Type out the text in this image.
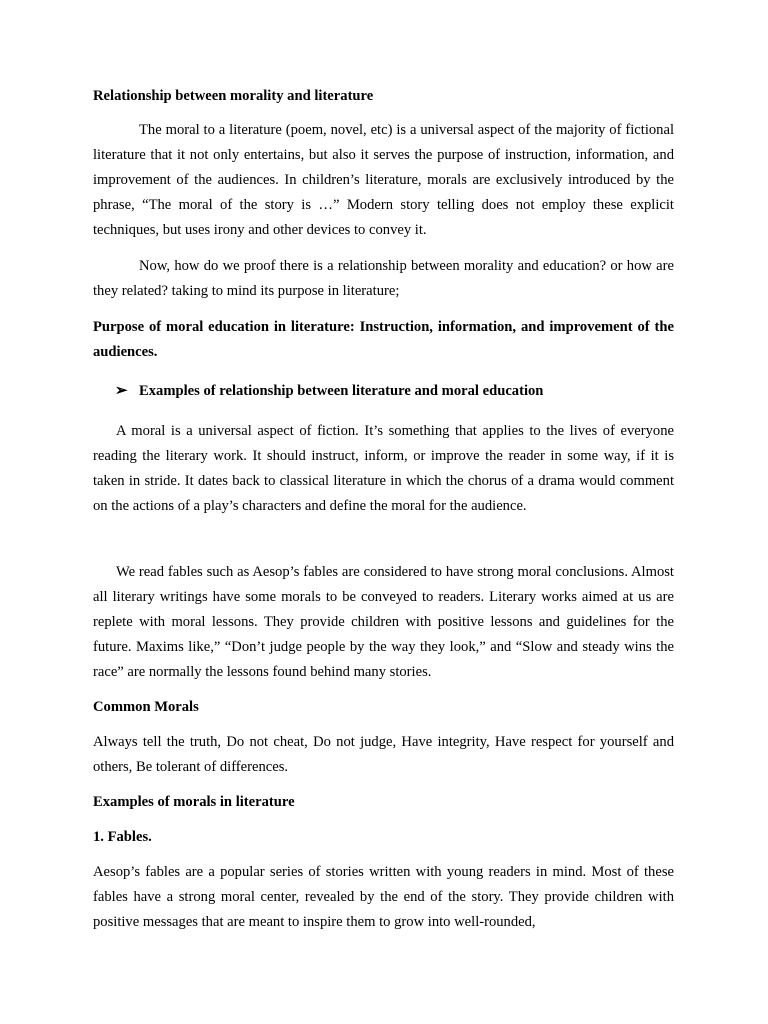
Relationship between morality and literature

The moral to a literature (poem, novel, etc) is a universal aspect of the majority of fictional literature that it not only entertains, but also it serves the purpose of instruction, information, and improvement of the audiences. In children’s literature, morals are exclusively introduced by the phrase, “The moral of the story is …” Modern story telling does not employ these explicit techniques, but uses irony and other devices to convey it.

Now, how do we proof there is a relationship between morality and education? or how are they related? taking to mind its purpose in literature;

Purpose of moral education in literature: Instruction, information, and improvement of the audiences.

➢ Examples of relationship between literature and moral education

A moral is a universal aspect of fiction. It’s something that applies to the lives of everyone reading the literary work. It should instruct, inform, or improve the reader in some way, if it is taken in stride. It dates back to classical literature in which the chorus of a drama would comment on the actions of a play’s characters and define the moral for the audience.

We read fables such as Aesop’s fables are considered to have strong moral conclusions. Almost all literary writings have some morals to be conveyed to readers. Literary works aimed at us are replete with moral lessons. They provide children with positive lessons and guidelines for the future. Maxims like,” “Don’t judge people by the way they look,” and “Slow and steady wins the race” are normally the lessons found behind many stories.

Common Morals

Always tell the truth, Do not cheat, Do not judge, Have integrity, Have respect for yourself and others, Be tolerant of differences.

Examples of morals in literature

1. Fables.

Aesop’s fables are a popular series of stories written with young readers in mind. Most of these fables have a strong moral center, revealed by the end of the story. They provide children with positive messages that are meant to inspire them to grow into well-rounded,
